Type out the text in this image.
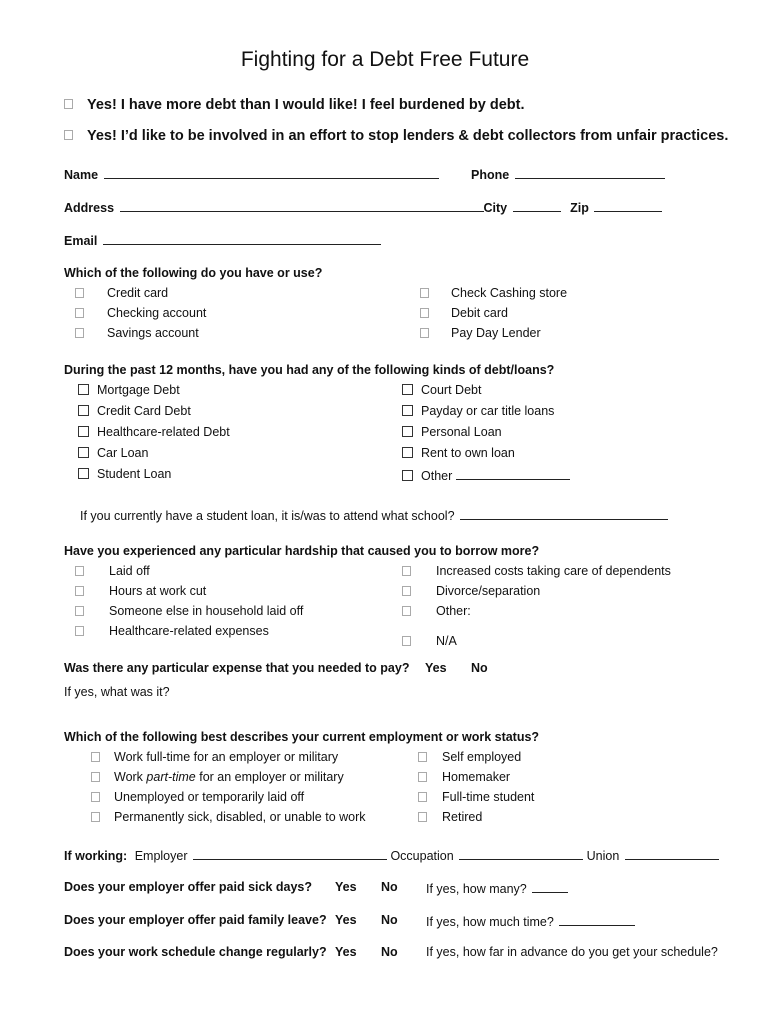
Fighting for a Debt Free Future
Yes! I have more debt than I would like! I feel burdened by debt.
Yes! I’d like to be involved in an effort to stop lenders & debt collectors from unfair practices.
Name	Phone
Address	City	Zip
Email
Which of the following do you have or use?
Credit card
Checking account
Savings account
Check Cashing store
Debit card
Pay Day Lender
During the past 12 months, have you had any of the following kinds of debt/loans?
Mortgage Debt
Credit Card Debt
Healthcare-related Debt
Car Loan
Student Loan
Court Debt
Payday or car title loans
Personal Loan
Rent to own loan
Other
If you currently have a student loan, it is/was to attend what school?
Have you experienced any particular hardship that caused you to borrow more?
Laid off
Hours at work cut
Someone else in household laid off
Healthcare-related expenses
Increased costs taking care of dependents
Divorce/separation
Other:
N/A
Was there any particular expense that you needed to pay? Yes No
If yes, what was it?
Which of the following best describes your current employment or work status?
Work full-time for an employer or military
Work part-time for an employer or military
Unemployed or temporarily laid off
Permanently sick, disabled, or unable to work
Self employed
Homemaker
Full-time student
Retired
If working: Employer	Occupation	Union
Does your employer offer paid sick days? Yes No If yes, how many?
Does your employer offer paid family leave? Yes No If yes, how much time?
Does your work schedule change regularly? Yes No If yes, how far in advance do you get your schedule?
